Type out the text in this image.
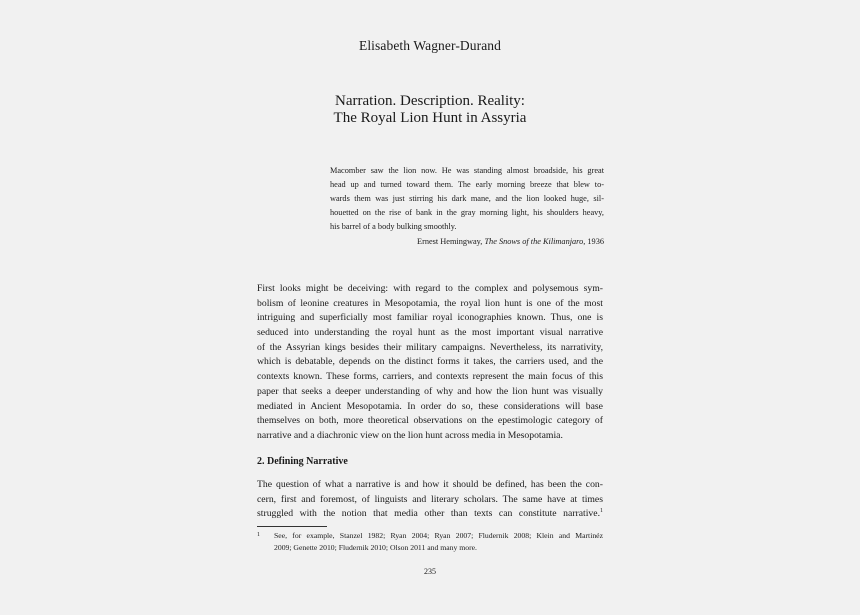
Elisabeth Wagner-Durand
Narration. Description. Reality:
The Royal Lion Hunt in Assyria
Macomber saw the lion now. He was standing almost broadside, his great
head up and turned toward them. The early morning breeze that blew to-
wards them was just stirring his dark mane, and the lion looked huge, sil-
houetted on the rise of bank in the gray morning light, his shoulders heavy,
his barrel of a body bulking smoothly.
Ernest Hemingway, The Snows of the Kilimanjaro, 1936
First looks might be deceiving: with regard to the complex and polysemous sym-
bolism of leonine creatures in Mesopotamia, the royal lion hunt is one of the most
intriguing and superficially most familiar royal iconographies known. Thus, one is
seduced into understanding the royal hunt as the most important visual narrative
of the Assyrian kings besides their military campaigns. Nevertheless, its narrativity,
which is debatable, depends on the distinct forms it takes, the carriers used, and the
contexts known. These forms, carriers, and contexts represent the main focus of this
paper that seeks a deeper understanding of why and how the lion hunt was visually
mediated in Ancient Mesopotamia. In order do so, these considerations will base
themselves on both, more theoretical observations on the epestimologic category of
narrative and a diachronic view on the lion hunt across media in Mesopotamia.
2. Defining Narrative
The question of what a narrative is and how it should be defined, has been the con-
cern, first and foremost, of linguists and literary scholars. The same have at times
struggled with the notion that media other than texts can constitute narrative.$^1$
1 See, for example, Stanzel 1982; Ryan 2004; Ryan 2007; Fludernik 2008; Klein and Martinéz
2009; Genette 2010; Fludernik 2010; Olson 2011 and many more.
235
